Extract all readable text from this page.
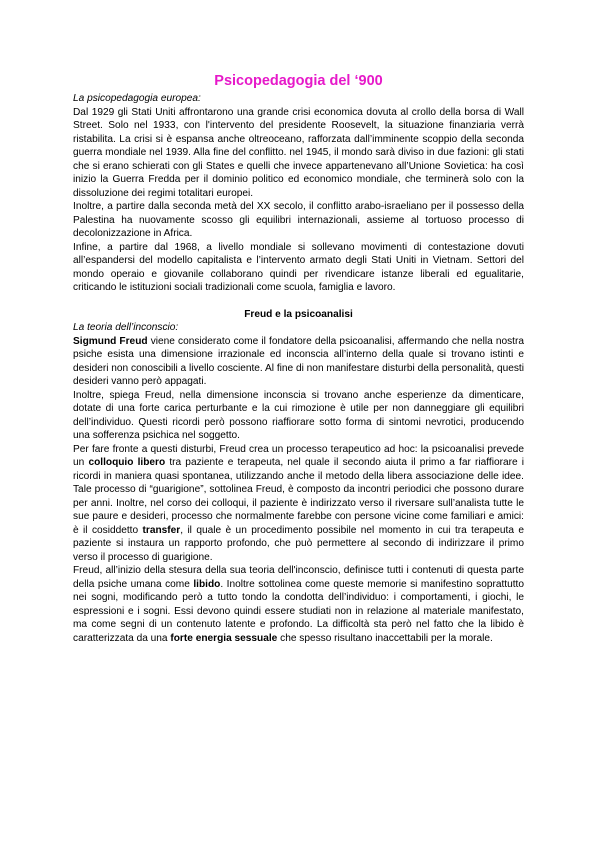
Psicopedagogia del ‘900
La psicopedagogia europea:

Dal 1929 gli Stati Uniti affrontarono una grande crisi economica dovuta al crollo della borsa di Wall Street. Solo nel 1933, con l'intervento del presidente Roosevelt, la situazione finanziaria verrà ristabilita. La crisi si è espansa anche oltreoceano, rafforzata dall’imminente scoppio della seconda guerra mondiale nel 1939. Alla fine del conflitto. nel 1945, il mondo sarà diviso in due fazioni: gli stati che si erano schierati con gli States e quelli che invece appartenevano all’Unione Sovietica: ha così inizio la Guerra Fredda per il dominio politico ed economico mondiale, che terminerà solo con la dissoluzione dei regimi totalitari europei.

Inoltre, a partire dalla seconda metà del XX secolo, il conflitto arabo-israeliano per il possesso della Palestina ha nuovamente scosso gli equilibri internazionali, assieme al tortuoso processo di decolonizzazione in Africa.

Infine, a partire dal 1968, a livello mondiale si sollevano movimenti di contestazione dovuti all’espandersi del modello capitalista e l’intervento armato degli Stati Uniti in Vietnam. Settori del mondo operaio e giovanile collaborano quindi per rivendicare istanze liberali ed egualitarie, criticando le istituzioni sociali tradizionali come scuola, famiglia e lavoro.

Freud e la psicoanalisi
La teoria dell’inconscio:

Sigmund Freud viene considerato come il fondatore della psicoanalisi, affermando che nella nostra psiche esista una dimensione irrazionale ed inconscia all’interno della quale si trovano istinti e desideri non conoscibili a livello cosciente. Al fine di non manifestare disturbi della personalità, questi desideri vanno però appagati.

Inoltre, spiega Freud, nella dimensione inconscia si trovano anche esperienze da dimenticare, dotate di una forte carica perturbante e la cui rimozione è utile per non danneggiare gli equilibri dell’individuo. Questi ricordi però possono riaffiorare sotto forma di sintomi nevrotici, producendo una sofferenza psichica nel soggetto.

Per fare fronte a questi disturbi, Freud crea un processo terapeutico ad hoc: la psicoanalisi prevede un colloquio libero tra paziente e terapeuta, nel quale il secondo aiuta il primo a far riaffiorare i ricordi in maniera quasi spontanea, utilizzando anche il metodo della libera associazione delle idee. Tale processo di “guarigione”, sottolinea Freud, è composto da incontri periodici che possono durare per anni. Inoltre, nel corso dei colloqui, il paziente è indirizzato verso il riversare sull’analista tutte le sue paure e desideri, processo che normalmente farebbe con persone vicine come familiari e amici: è il cosiddetto transfer, il quale è un procedimento possibile nel momento in cui tra terapeuta e paziente si instaura un rapporto profondo, che può permettere al secondo di indirizzare il primo verso il processo di guarigione.

Freud, all’inizio della stesura della sua teoria dell'inconscio, definisce tutti i contenuti di questa parte della psiche umana come libido. Inoltre sottolinea come queste memorie si manifestino soprattutto nei sogni, modificando però a tutto tondo la condotta dell’individuo: i comportamenti, i giochi, le espressioni e i sogni. Essi devono quindi essere studiati non in relazione al materiale manifestato, ma come segni di un contenuto latente e profondo. La difficoltà sta però nel fatto che la libido è caratterizzata da una forte energia sessuale che spesso risultano inaccettabili per la morale.
